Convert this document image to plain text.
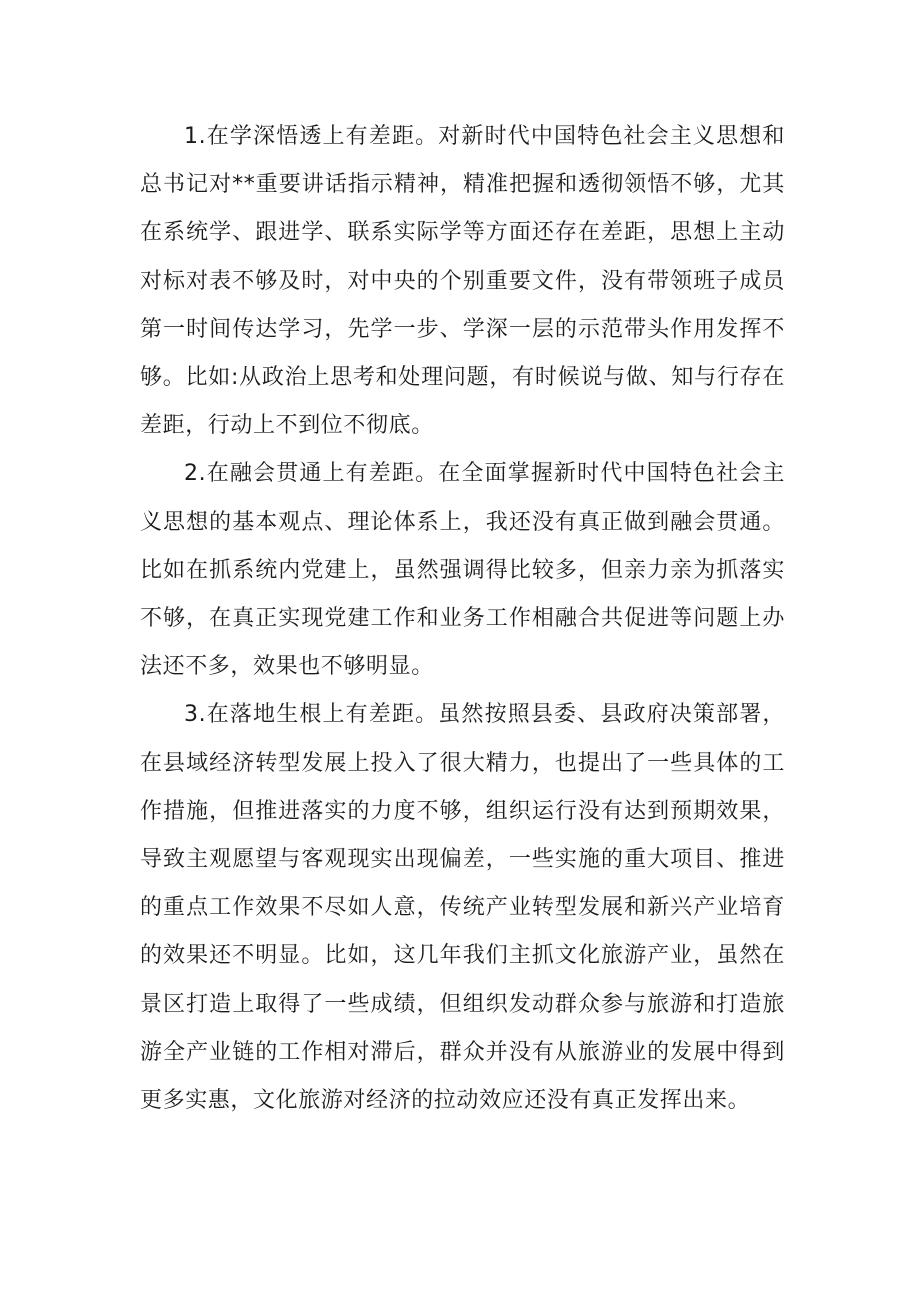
1.在学深悟透上有差距。对新时代中国特色社会主义思想和总书记对**重要讲话指示精神，精准把握和透彻领悟不够，尤其在系统学、跟进学、联系实际学等方面还存在差距，思想上主动对标对表不够及时，对中央的个别重要文件，没有带领班子成员第一时间传达学习，先学一步、学深一层的示范带头作用发挥不够。比如:从政治上思考和处理问题，有时候说与做、知与行存在差距，行动上不到位不彻底。

2.在融会贯通上有差距。在全面掌握新时代中国特色社会主义思想的基本观点、理论体系上，我还没有真正做到融会贯通。比如在抓系统内党建上，虽然强调得比较多，但亲力亲为抓落实不够，在真正实现党建工作和业务工作相融合共促进等问题上办法还不多，效果也不够明显。

3.在落地生根上有差距。虽然按照县委、县政府决策部署，在县域经济转型发展上投入了很大精力，也提出了一些具体的工作措施，但推进落实的力度不够，组织运行没有达到预期效果，导致主观愿望与客观现实出现偏差，一些实施的重大项目、推进的重点工作效果不尽如人意，传统产业转型发展和新兴产业培育的效果还不明显。比如，这几年我们主抓文化旅游产业，虽然在景区打造上取得了一些成绩，但组织发动群众参与旅游和打造旅游全产业链的工作相对滞后，群众并没有从旅游业的发展中得到更多实惠，文化旅游对经济的拉动效应还没有真正发挥出来。
